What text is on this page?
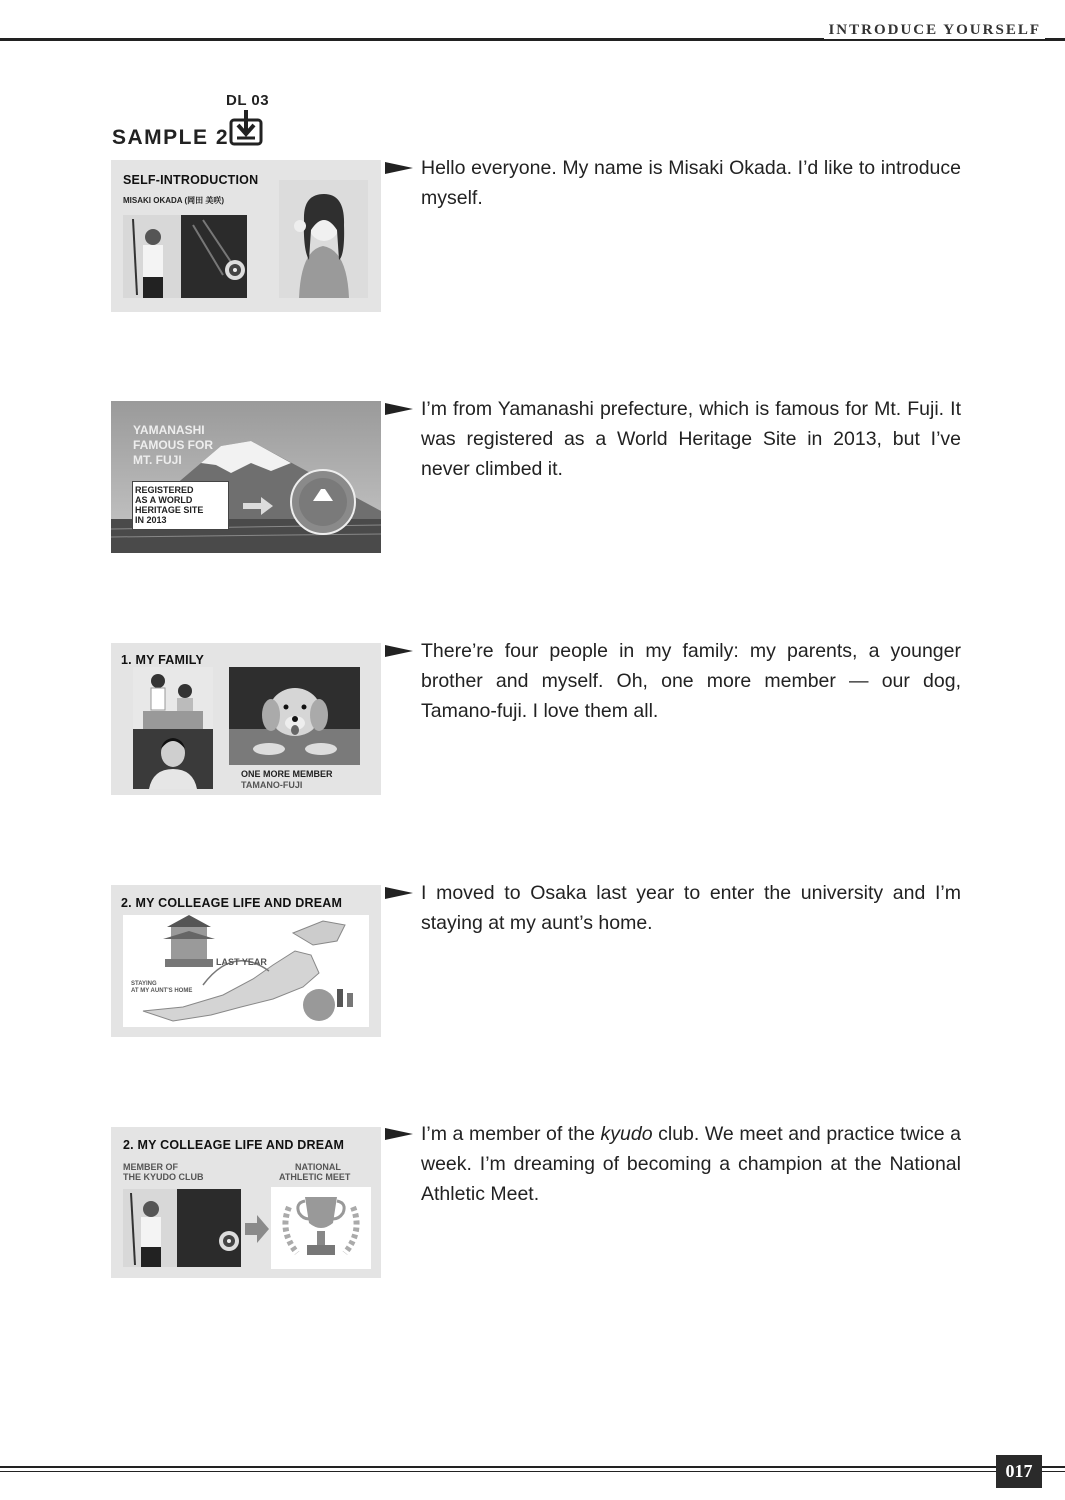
INTRODUCE YOURSELF
DL 03
SAMPLE 2
SELF-INTRODUCTION
MISAKI OKADA (岡田 美咲)
YAMANASHI
FAMOUS FOR
MT. FUJI
REGISTERED
AS A WORLD
HERITAGE SITE
IN 2013
1. MY FAMILY
ONE MORE MEMBER
TAMANO-FUJI
2. MY COLLEAGE LIFE AND DREAM
LAST YEAR
STAYING
AT MY AUNT'S HOME
2. MY COLLEAGE LIFE AND DREAM
MEMBER OF
THE KYUDO CLUB
NATIONAL
ATHLETIC MEET
Hello everyone. My name is Misaki Okada. I’d like to introduce myself.
I’m from Yamanashi prefecture, which is famous for Mt. Fuji. It was registered as a World Heritage Site in 2013, but I’ve never climbed it.
There’re four people in my family: my parents, a younger brother and myself. Oh, one more member — our dog, Tamano-fuji. I love them all.
I moved to Osaka last year to enter the university and I’m staying at my aunt’s home.
I’m a member of the kyudo club. We meet and practice twice a week. I’m dreaming of becoming a champion at the National Athletic Meet.
017
